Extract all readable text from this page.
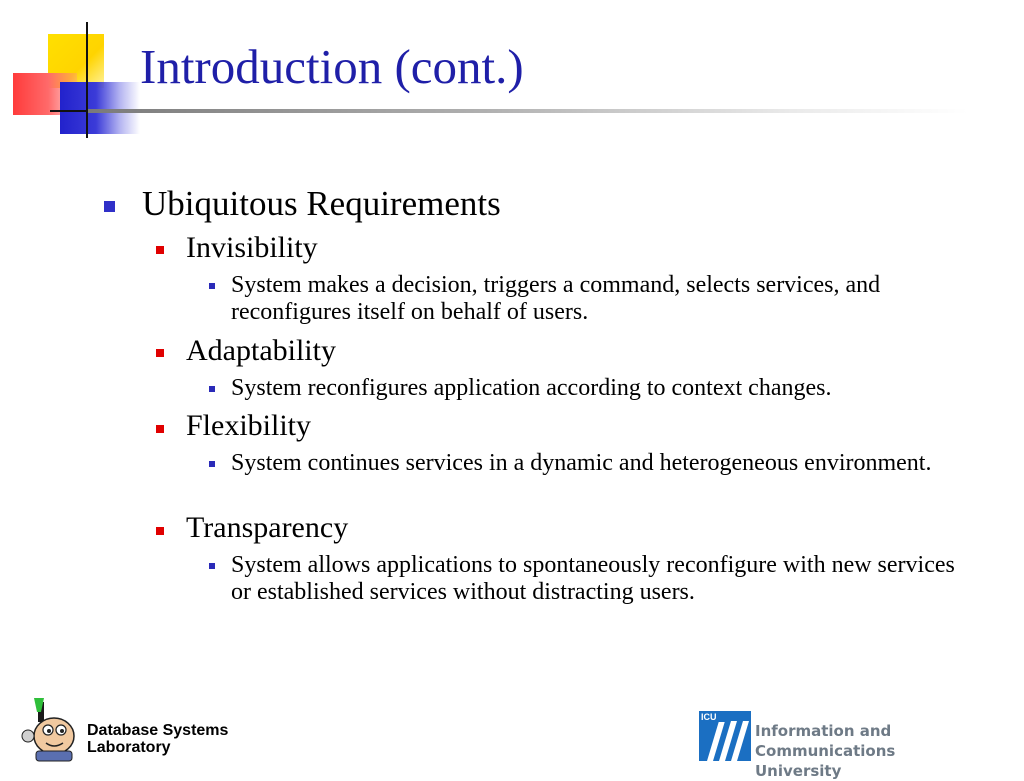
Introduction (cont.)

Ubiquitous Requirements

Invisibility

System makes a decision, triggers a command, selects services, and reconfigures itself on behalf of users.

Adaptability

System reconfigures application according to context changes.

Flexibility

System continues services in a dynamic and heterogeneous environment.

Transparency

System allows applications to spontaneously reconfigure with new services or established services without distracting users.

Database Systems
Laboratory

ICU

Information and Communications
University
